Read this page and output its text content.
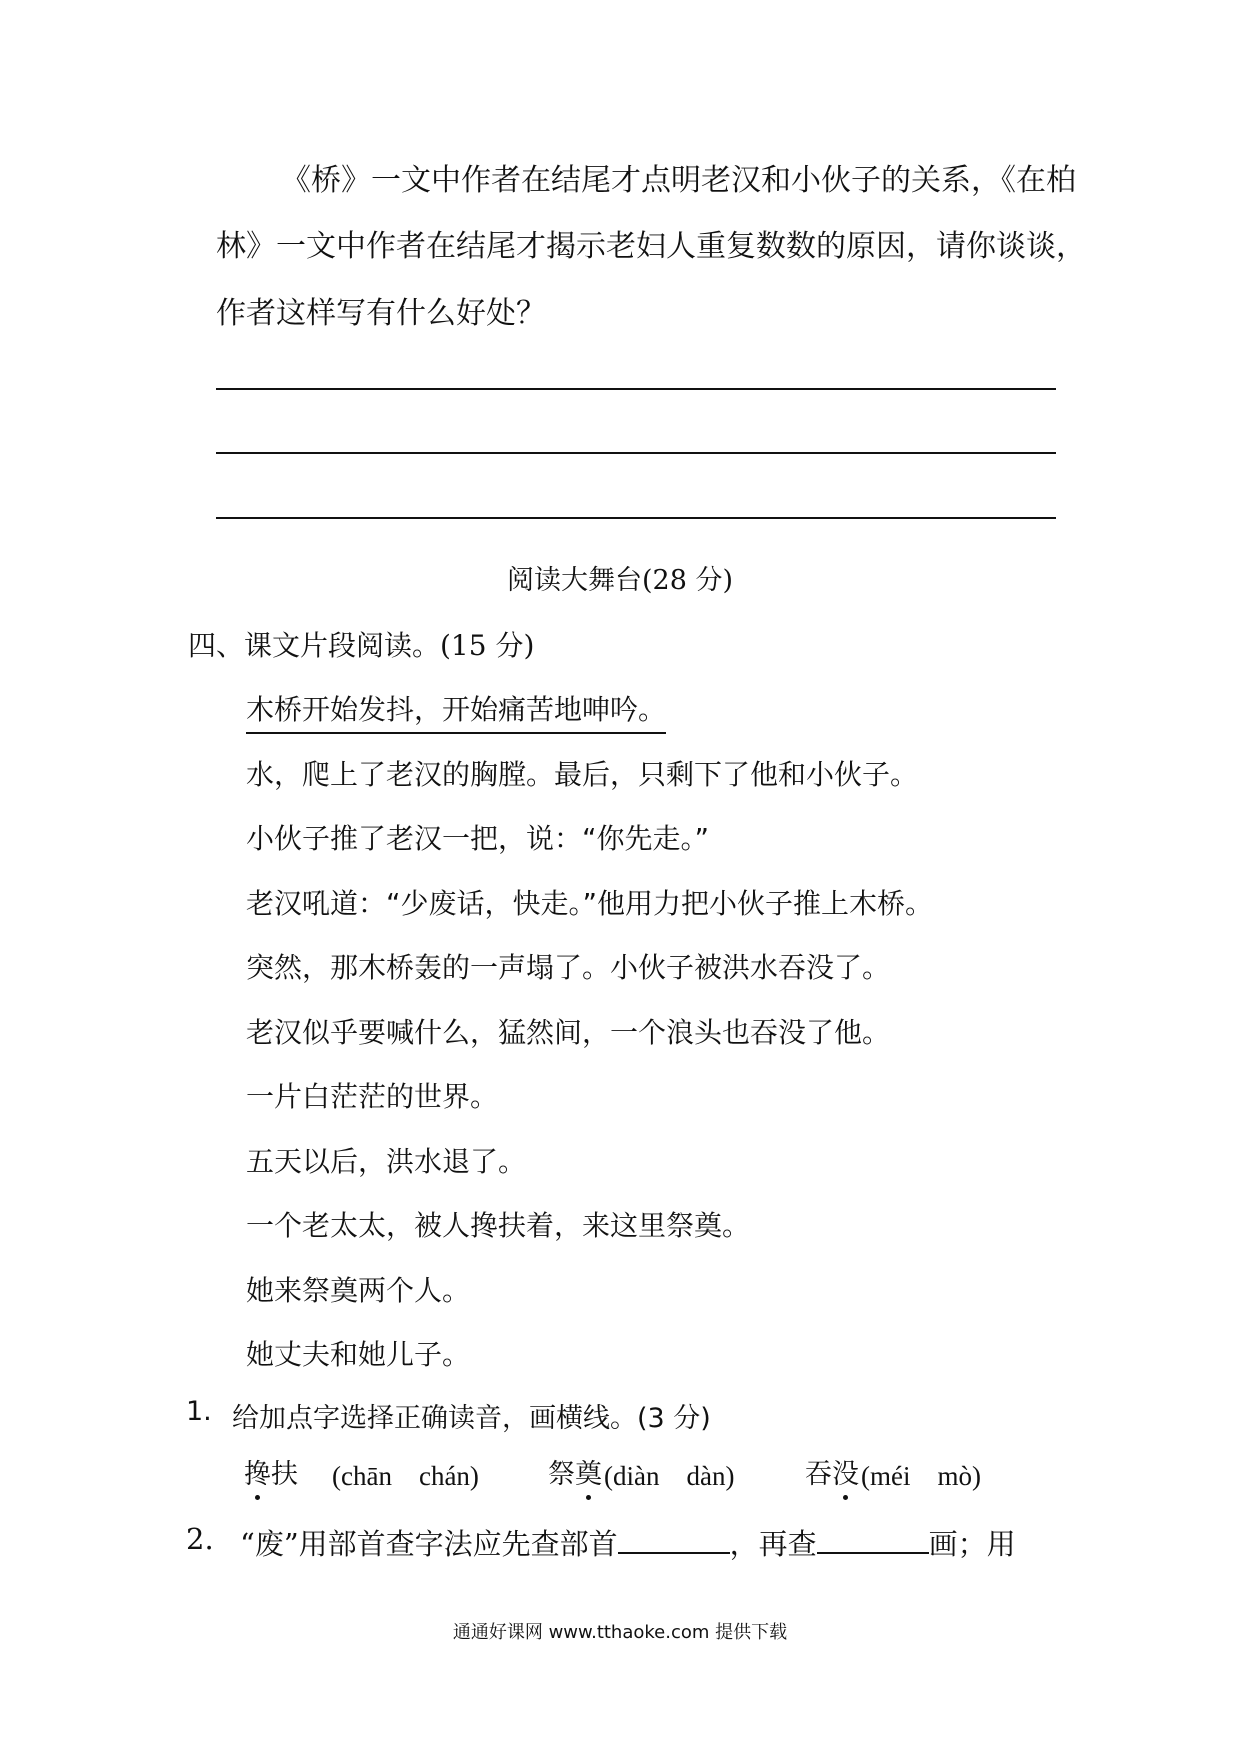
《桥》一文中作者在结尾才点明老汉和小伙子的关系，《在柏
林》一文中作者在结尾才揭示老妇人重复数数的原因，请你谈谈，
作者这样写有什么好处？
阅读大舞台(28 分)
四、课文片段阅读。(15 分)
木桥开始发抖，开始痛苦地呻吟。
水，爬上了老汉的胸膛。最后，只剩下了他和小伙子。
小伙子推了老汉一把，说：“你先走。”
老汉吼道：“少废话，快走。”他用力把小伙子推上木桥。
突然，那木桥轰的一声塌了。小伙子被洪水吞没了。
老汉似乎要喊什么，猛然间，一个浪头也吞没了他。
一片白茫茫的世界。
五天以后，洪水退了。
一个老太太，被人搀扶着，来这里祭奠。
她来祭奠两个人。
她丈夫和她儿子。
1. 给加点字选择正确读音，画横线。(3 分)
搀扶 (chān　chán)	祭奠 (diàn　dàn)	吞没 (méi　mò)
2. “废”用部首查字法应先查部首	，再查	画；用
通通好课网 www.tthaoke.com 提供下载
